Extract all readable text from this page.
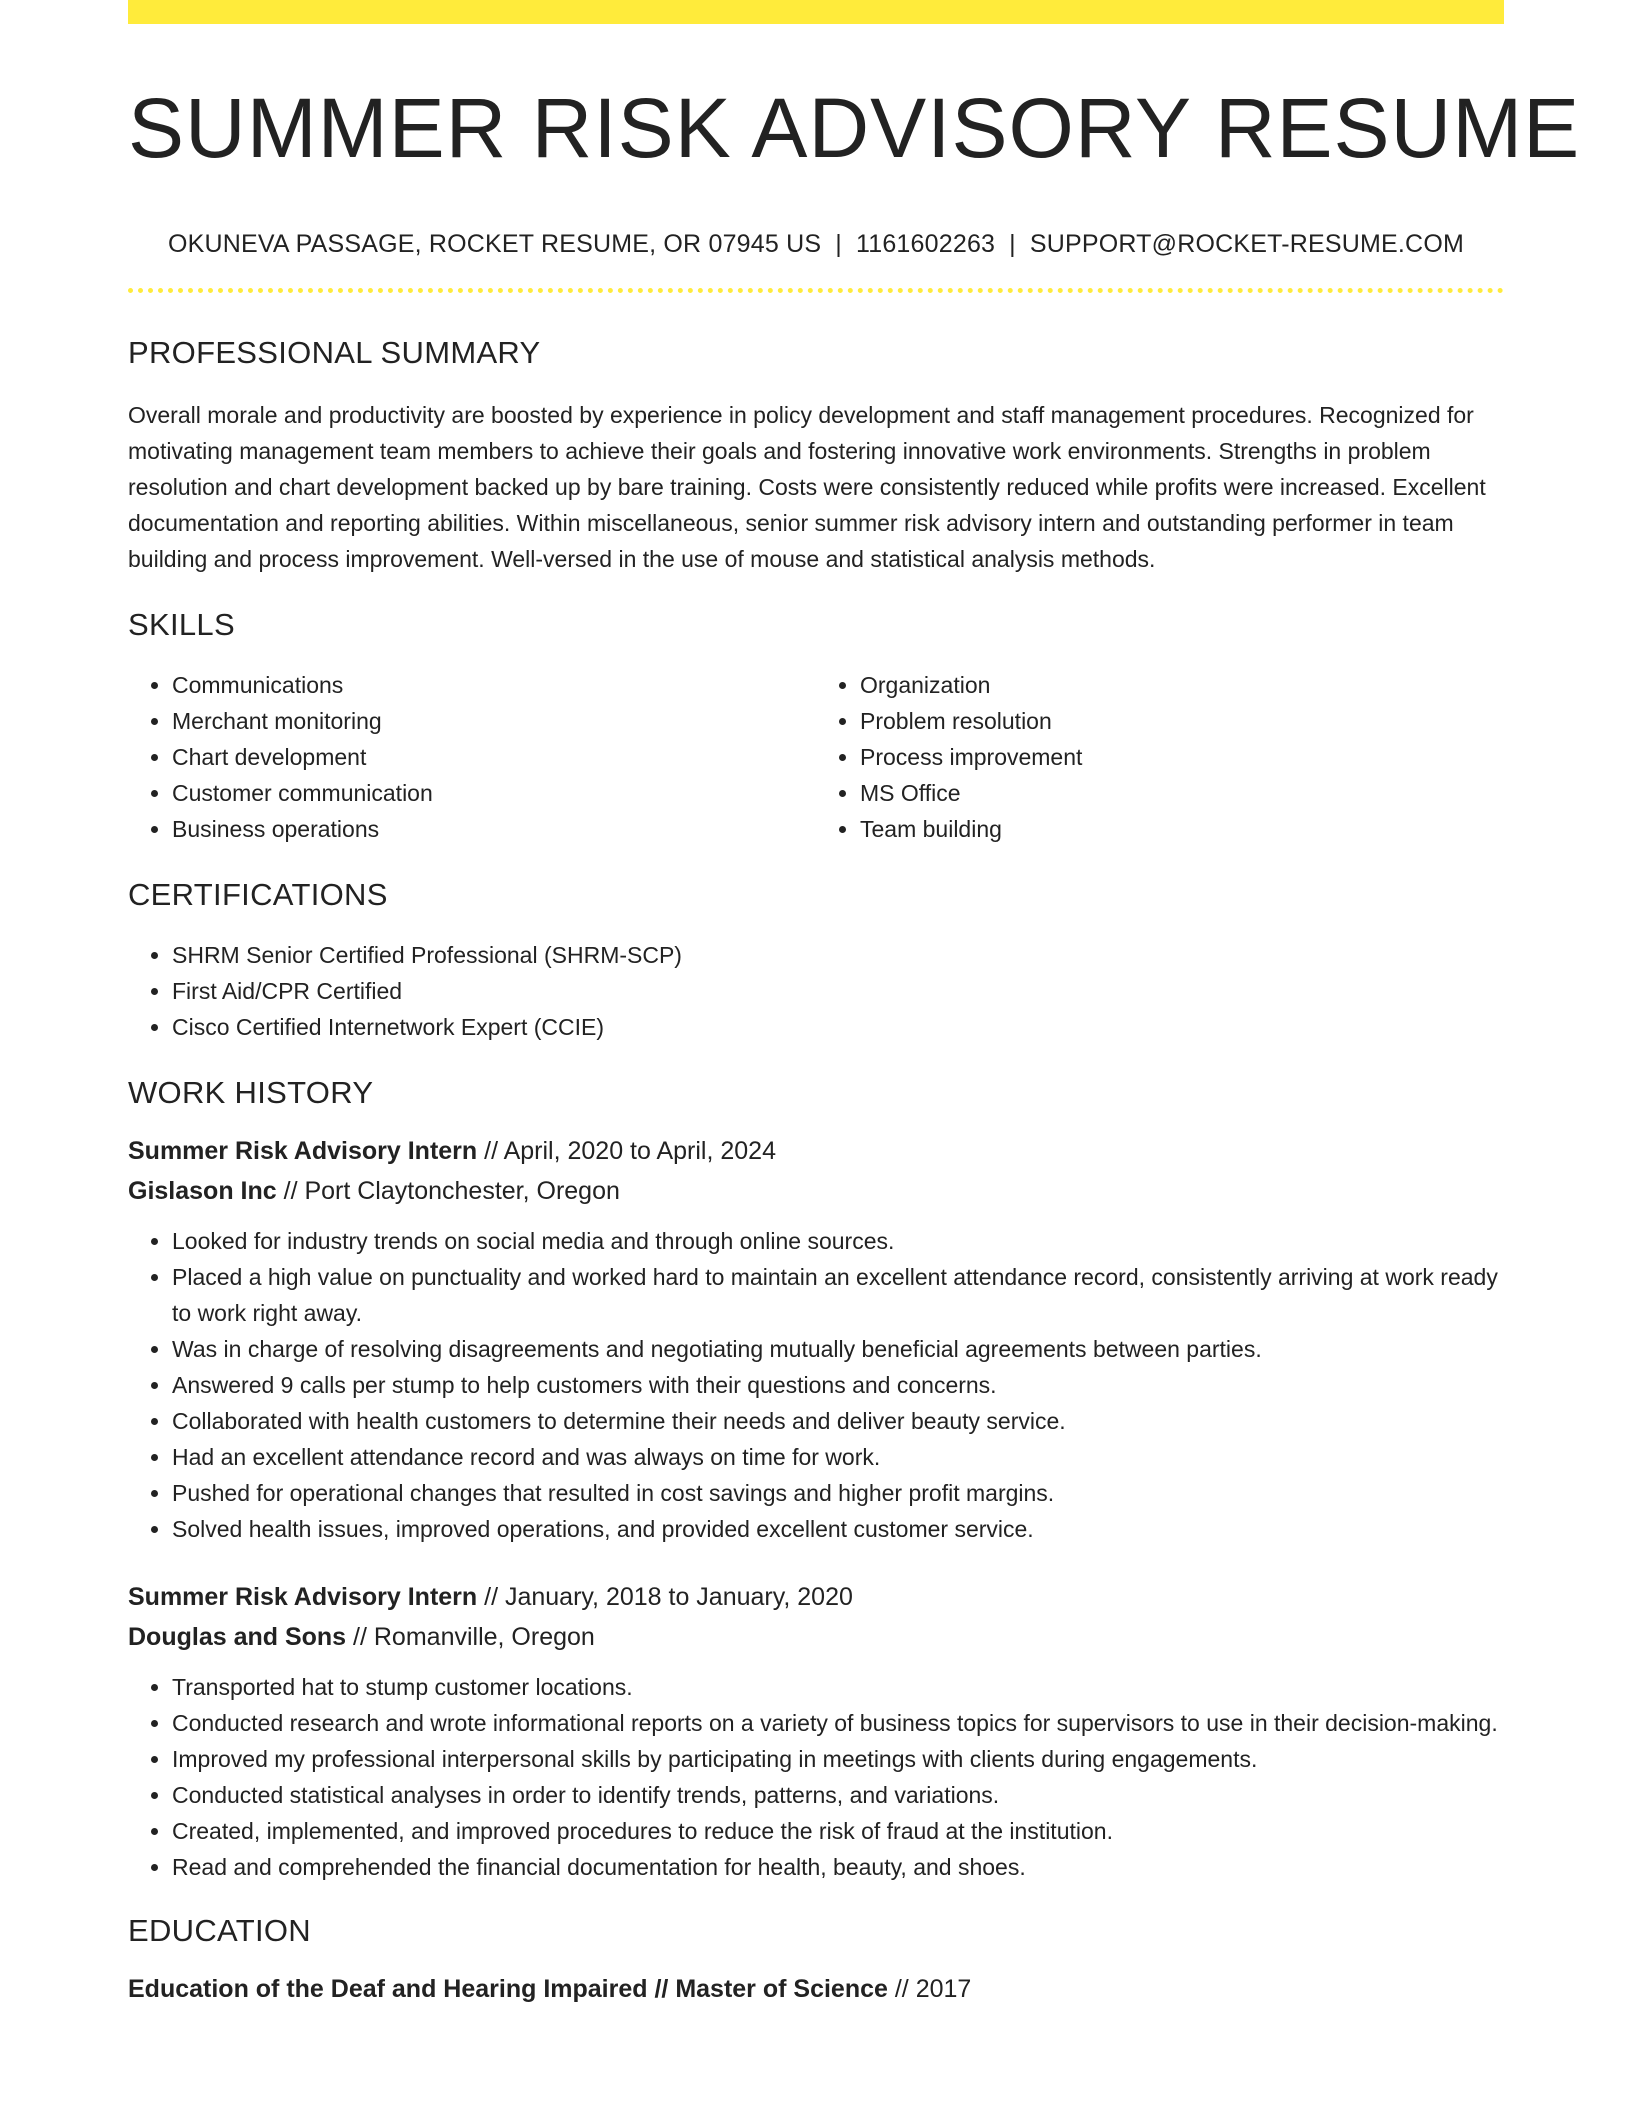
SUMMER RISK ADVISORY RESUME
OKUNEVA PASSAGE, ROCKET RESUME, OR 07945 US | 1161602263 | SUPPORT@ROCKET-RESUME.COM
PROFESSIONAL SUMMARY

Overall morale and productivity are boosted by experience in policy development and staff management procedures. Recognized for motivating management team members to achieve their goals and fostering innovative work environments. Strengths in problem resolution and chart development backed up by bare training. Costs were consistently reduced while profits were increased. Excellent documentation and reporting abilities. Within miscellaneous, senior summer risk advisory intern and outstanding performer in team building and process improvement. Well-versed in the use of mouse and statistical analysis methods.

SKILLS
• Communications
• Merchant monitoring
• Chart development
• Customer communication
• Business operations
• Organization
• Problem resolution
• Process improvement
• MS Office
• Team building
CERTIFICATIONS
• SHRM Senior Certified Professional (SHRM-SCP)
• First Aid/CPR Certified
• Cisco Certified Internetwork Expert (CCIE)
WORK HISTORY
Summer Risk Advisory Intern // April, 2020 to April, 2024
Gislason Inc // Port Claytonchester, Oregon
• Looked for industry trends on social media and through online sources.
• Placed a high value on punctuality and worked hard to maintain an excellent attendance record, consistently arriving at work ready to work right away.
• Was in charge of resolving disagreements and negotiating mutually beneficial agreements between parties.
• Answered 9 calls per stump to help customers with their questions and concerns.
• Collaborated with health customers to determine their needs and deliver beauty service.
• Had an excellent attendance record and was always on time for work.
• Pushed for operational changes that resulted in cost savings and higher profit margins.
• Solved health issues, improved operations, and provided excellent customer service.
Summer Risk Advisory Intern // January, 2018 to January, 2020
Douglas and Sons // Romanville, Oregon
• Transported hat to stump customer locations.
• Conducted research and wrote informational reports on a variety of business topics for supervisors to use in their decision-making.
• Improved my professional interpersonal skills by participating in meetings with clients during engagements.
• Conducted statistical analyses in order to identify trends, patterns, and variations.
• Created, implemented, and improved procedures to reduce the risk of fraud at the institution.
• Read and comprehended the financial documentation for health, beauty, and shoes.
EDUCATION
Education of the Deaf and Hearing Impaired // Master of Science // 2017
